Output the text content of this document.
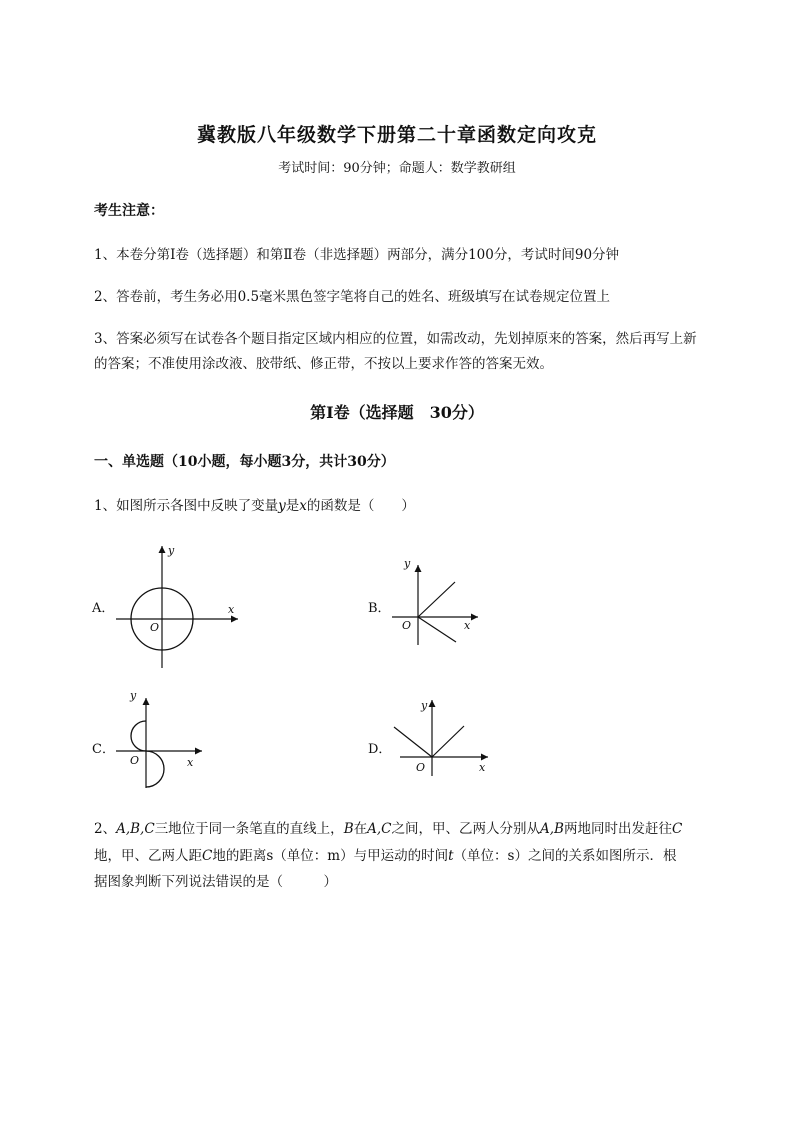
冀教版八年级数学下册第二十章函数定向攻克
考试时间：90分钟；命题人：数学教研组
考生注意：
1、本卷分第Ⅰ卷（选择题）和第Ⅱ卷（非选择题）两部分，满分100分，考试时间90分钟
2、答卷前，考生务必用0.5毫米黑色签字笔将自己的姓名、班级填写在试卷规定位置上
3、答案必须写在试卷各个题目指定区域内相应的位置，如需改动，先划掉原来的答案，然后再写上新
的答案；不准使用涂改液、胶带纸、修正带，不按以上要求作答的答案无效。
第Ⅰ卷（选择题　30分）
一、单选题（10小题，每小题3分，共计30分）
1、如图所示各图中反映了变量y是x的函数是（　　）
A．	B．
C．	D．
y
x
O
y
x
O
y
x
O
y
x
O
2、A,B,C三地位于同一条笔直的直线上，B在A,C之间，甲、乙两人分别从A,B两地同时出发赶往C
地，甲、乙两人距C地的距离s（单位：m）与甲运动的时间t（单位：s）之间的关系如图所示．根
据图象判断下列说法错误的是（　　　）
